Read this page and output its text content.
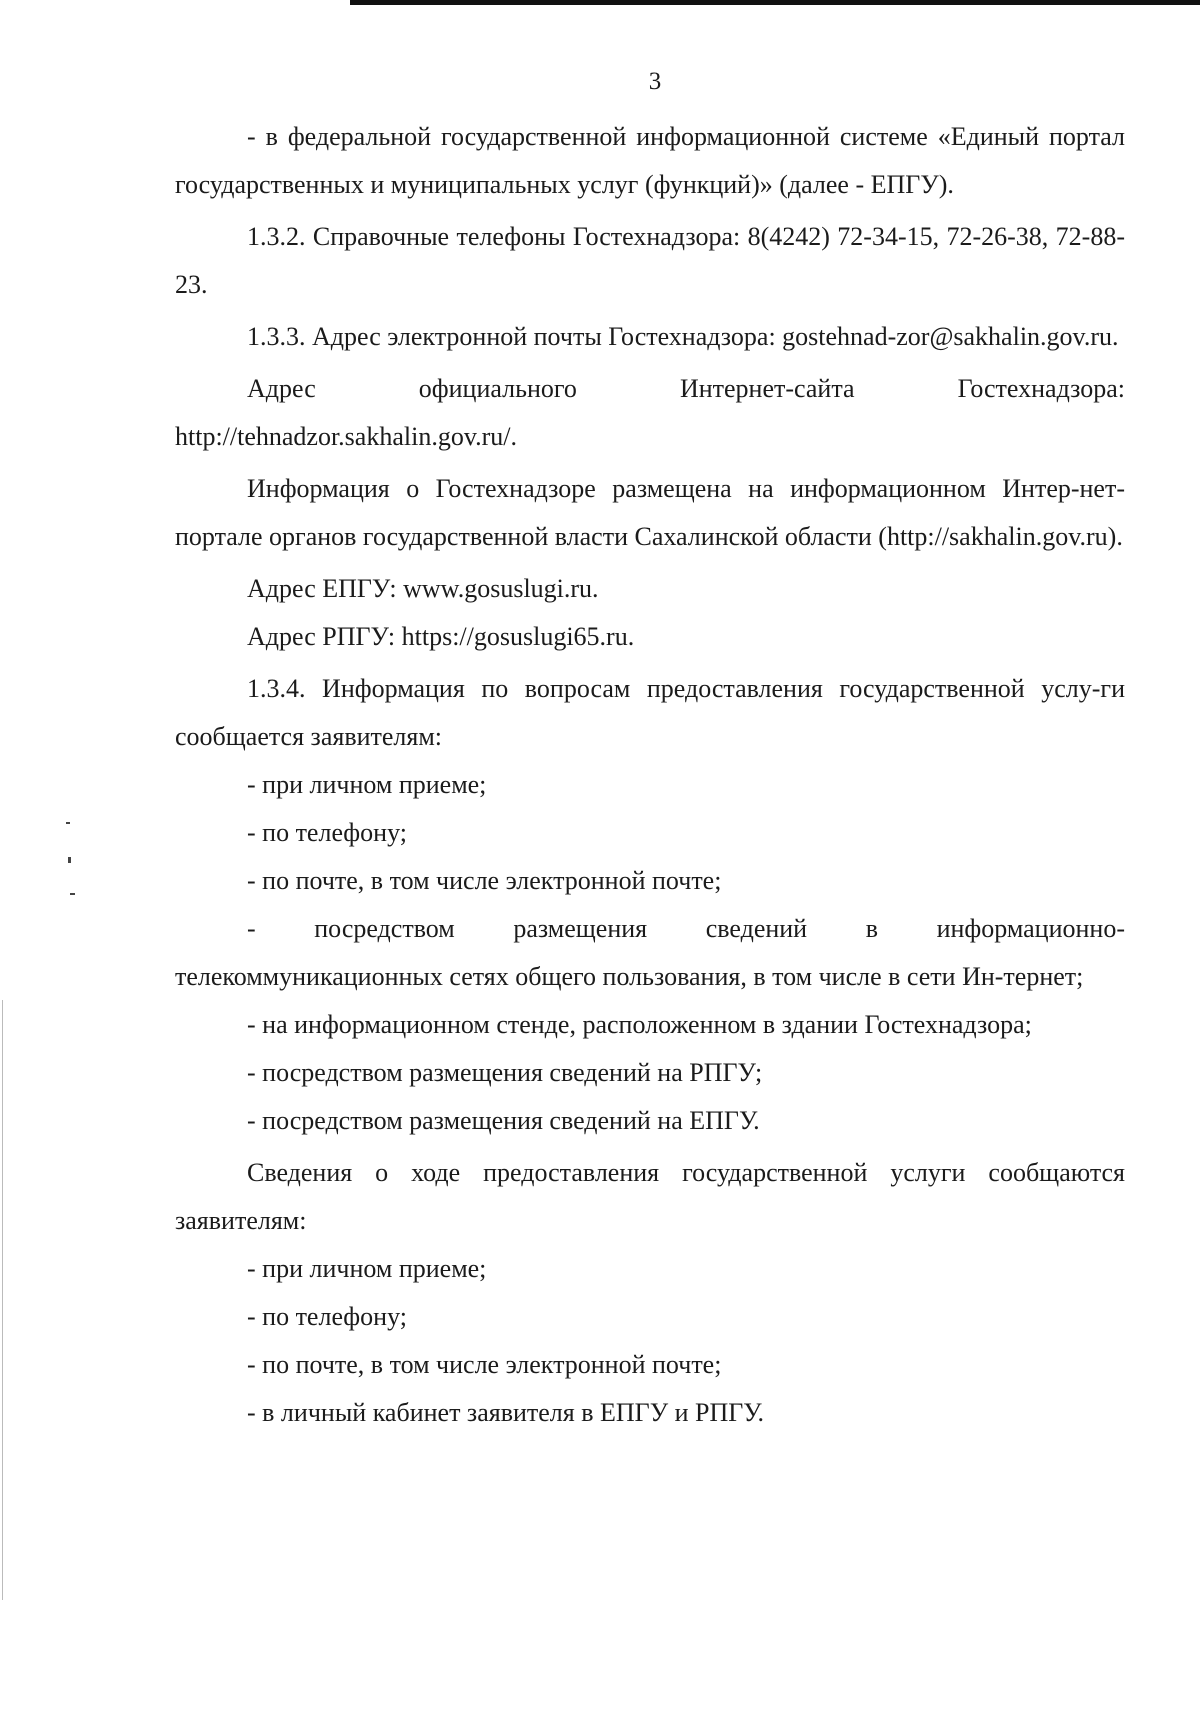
3

- в федеральной государственной информационной системе «Единый портал государственных и муниципальных услуг (функций)» (далее - ЕПГУ).

1.3.2. Справочные телефоны Гостехнадзора: 8(4242) 72-34-15, 72-26-38, 72-88-23.

1.3.3. Адрес электронной почты Гостехнадзора: gostehnad-zor@sakhalin.gov.ru.

Адрес официального Интернет-сайта Гостехнадзора: http://tehnadzor.sakhalin.gov.ru/.

Информация о Гостехнадзоре размещена на информационном Интер-нет-портале органов государственной власти Сахалинской области (http://sakhalin.gov.ru).

Адрес ЕПГУ: www.gosuslugi.ru.

Адрес РПГУ: https://gosuslugi65.ru.

1.3.4. Информация по вопросам предоставления государственной услу-ги сообщается заявителям:

- при личном приеме;

- по телефону;

- по почте, в том числе электронной почте;

- посредством размещения сведений в информационно-телекоммуникационных сетях общего пользования, в том числе в сети Ин-тернет;

- на информационном стенде, расположенном в здании Гостехнадзора;

- посредством размещения сведений на РПГУ;

- посредством размещения сведений на ЕПГУ.

Сведения о ходе предоставления государственной услуги сообщаются заявителям:

- при личном приеме;

- по телефону;

- по почте, в том числе электронной почте;

- в личный кабинет заявителя в ЕПГУ и РПГУ.
